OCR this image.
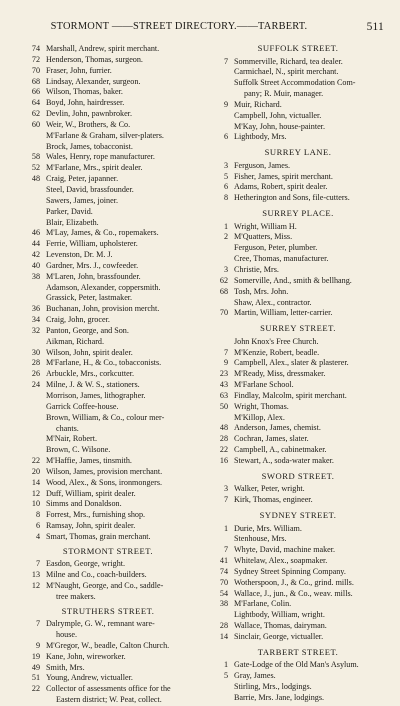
STORMONT ——STREET DIRECTORY.——TARBERT.	511
74 Marshall, Andrew, spirit merchant.
72 Henderson, Thomas, surgeon.
70 Fraser, John, furrier.
68 Lindsay, Alexander, surgeon.
66 Wilson, Thomas, baker.
64 Boyd, John, hairdresser.
62 Devlin, John, pawnbroker.
60 Weir, W., Brothers, & Co.
M'Farlane & Graham, silver-platers.
Brock, James, tobacconist.
58 Wales, Henry, rope manufacturer.
52 M'Farlane, Mrs., spirit dealer.
48 Craig, Peter, japanner.
Steel, David, brassfounder.
Sawers, James, joiner.
Parker, David.
Blair, Elizabeth.
46 M'Lay, James, & Co., ropemakers.
44 Ferrie, William, upholsterer.
42 Levenston, Dr. M. J.
40 Gardner, Mrs. J., cowfeeder.
38 M'Laren, John, brassfounder.
Adamson, Alexander, coppersmith.
Grassick, Peter, lastmaker.
36 Buchanan, John, provision mercht.
34 Craig, John, grocer.
32 Panton, George, and Son.
Aikman, Richard.
30 Wilson, John, spirit dealer.
28 M'Farlane, H., & Co., tobacconists.
26 Arbuckle, Mrs., corkcutter.
24 Milne, J. & W. S., stationers.
Morrison, James, lithographer.
Garrick Coffee-house.
Brown, William, & Co., colour mer-
chants.
M'Nair, Robert.
Brown, C. Wilsone.
22 M'Haffie, James, tinsmith.
20 Wilson, James, provision merchant.
14 Wood, Alex., & Sons, ironmongers.
12 Duff, William, spirit dealer.
10 Simms and Donaldson.
8 Forrest, Mrs., furnishing shop.
6 Ramsay, John, spirit dealer.
4 Smart, Thomas, grain merchant.
STORMONT STREET.
7 Easdon, George, wright.
13 Milne and Co., coach-builders.
12 M'Naught, George, and Co., saddle-
tree makers.
STRUTHERS STREET.
7 Dalrymple, G. W., remnant ware-
house.
9 M'Gregor, W., beadle, Calton Church.
19 Kane, John, wireworker.
49 Smith, Mrs.
51 Young, Andrew, victualler.
22 Collector of assessments office for the
Eastern district; W. Peat, collect.
SUFFOLK STREET.
7 Sommerville, Richard, tea dealer.
Carmichael, N., spirit merchant.
Suffolk Street Accommodation Com-
pany; R. Muir, manager.
9 Muir, Richard.
Campbell, John, victualler.
M'Kay, John, house-painter.
6 Lightbody, Mrs.
SURREY LANE.
3 Ferguson, James.
5 Fisher, James, spirit merchant.
6 Adams, Robert, spirit dealer.
8 Hetherington and Sons, file-cutters.
SURREY PLACE.
1 Wright, William H.
2 M'Quatters, Miss.
Ferguson, Peter, plumber.
Cree, Thomas, manufacturer.
3 Christie, Mrs.
62 Somerville, And., smith & bellhang.
68 Tosh, Mrs. John.
Shaw, Alex., contractor.
70 Martin, William, letter-carrier.
SURREY STREET.
John Knox's Free Church.
7 M'Kenzie, Robert, beadle.
9 Campbell, Alex., slater & plasterer.
23 M'Ready, Miss, dressmaker.
43 M'Farlane School.
63 Findlay, Malcolm, spirit merchant.
50 Wright, Thomas.
M'Killop, Alex.
48 Anderson, James, chemist.
28 Cochran, James, slater.
22 Campbell, A., cabinetmaker.
16 Stewart, A., soda-water maker.
SWORD STREET.
3 Walker, Peter, wright.
7 Kirk, Thomas, engineer.
SYDNEY STREET.
1 Durie, Mrs. William.
Stenhouse, Mrs.
7 Whyte, David, machine maker.
41 Whitelaw, Alex., soapmaker.
74 Sydney Street Spinning Company.
70 Wotherspoon, J., & Co., grind. mills.
54 Wallace, J., jun., & Co., weav. mills.
38 M'Farlane, Colin.
Lightbody, William, wright.
28 Wallace, Thomas, dairyman.
14 Sinclair, George, victualler.
TARBERT STREET.
1 Gate-Lodge of the Old Man's Asylum.
5 Gray, James.
Stirling, Mrs., lodgings.
Barrie, Mrs. Jane, lodgings.
